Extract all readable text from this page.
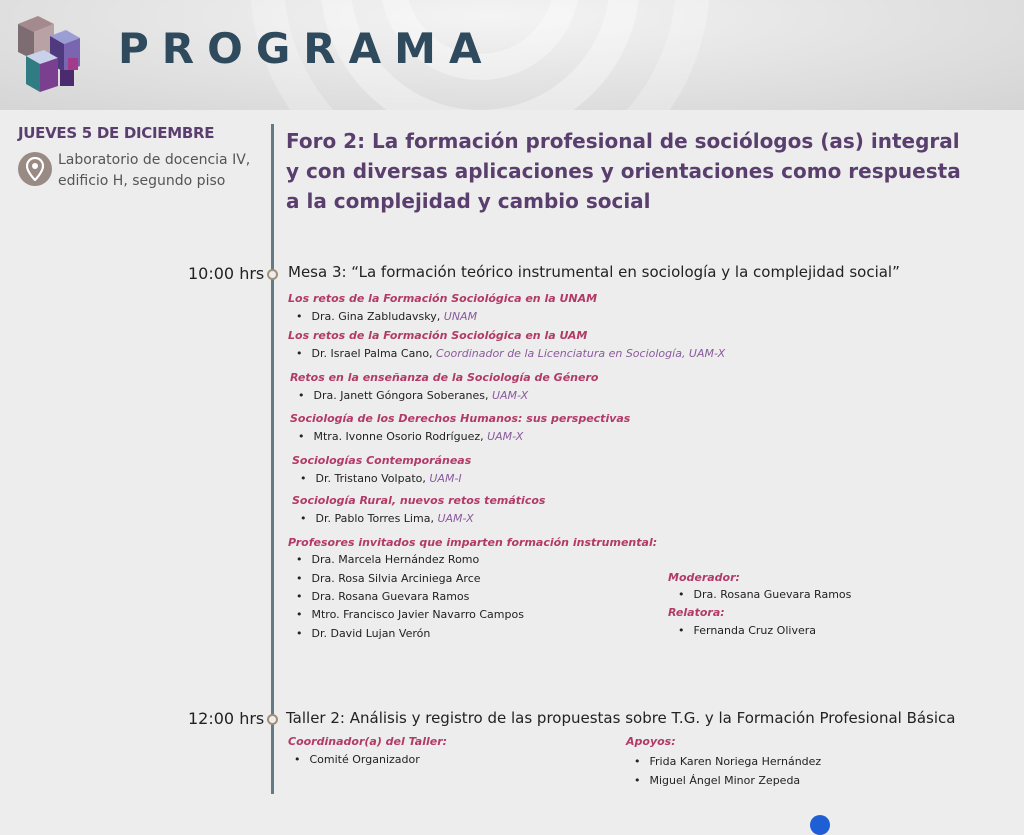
PROGRAMA
JUEVES 5 DE DICIEMBRE
Laboratorio de docencia IV,
edificio H, segundo piso
Foro 2: La formación profesional de sociólogos (as) integral
y con diversas aplicaciones y orientaciones como respuesta
a la complejidad y cambio social
10:00 hrs Mesa 3: “La formación teórico instrumental en sociología y la complejidad social”
Los retos de la Formación Sociológica en la UNAM
• Dra. Gina Zabludavsky, UNAM
Los retos de la Formación Sociológica en la UAM
• Dr. Israel Palma Cano, Coordinador de la Licenciatura en Sociología, UAM-X
Retos en la enseñanza de la Sociología de Género
• Dra. Janett Góngora Soberanes, UAM-X
Sociología de los Derechos Humanos: sus perspectivas
• Mtra. Ivonne Osorio Rodríguez, UAM-X
Sociologías Contemporáneas
• Dr. Tristano Volpato, UAM-I
Sociología Rural, nuevos retos temáticos
• Dr. Pablo Torres Lima, UAM-X
Profesores invitados que imparten formación instrumental:
• Dra. Marcela Hernández Romo
• Dra. Rosa Silvia Arciniega Arce
• Dra. Rosana Guevara Ramos
• Mtro. Francisco Javier Navarro Campos
• Dr. David Lujan Verón
Moderador:
• Dra. Rosana Guevara Ramos
Relatora:
• Fernanda Cruz Olivera
12:00 hrs Taller 2: Análisis y registro de las propuestas sobre T.G. y la Formación Profesional Básica
Coordinador(a) del Taller:
• Comité Organizador
Apoyos:
• Frida Karen Noriega Hernández
• Miguel Ángel Minor Zepeda
